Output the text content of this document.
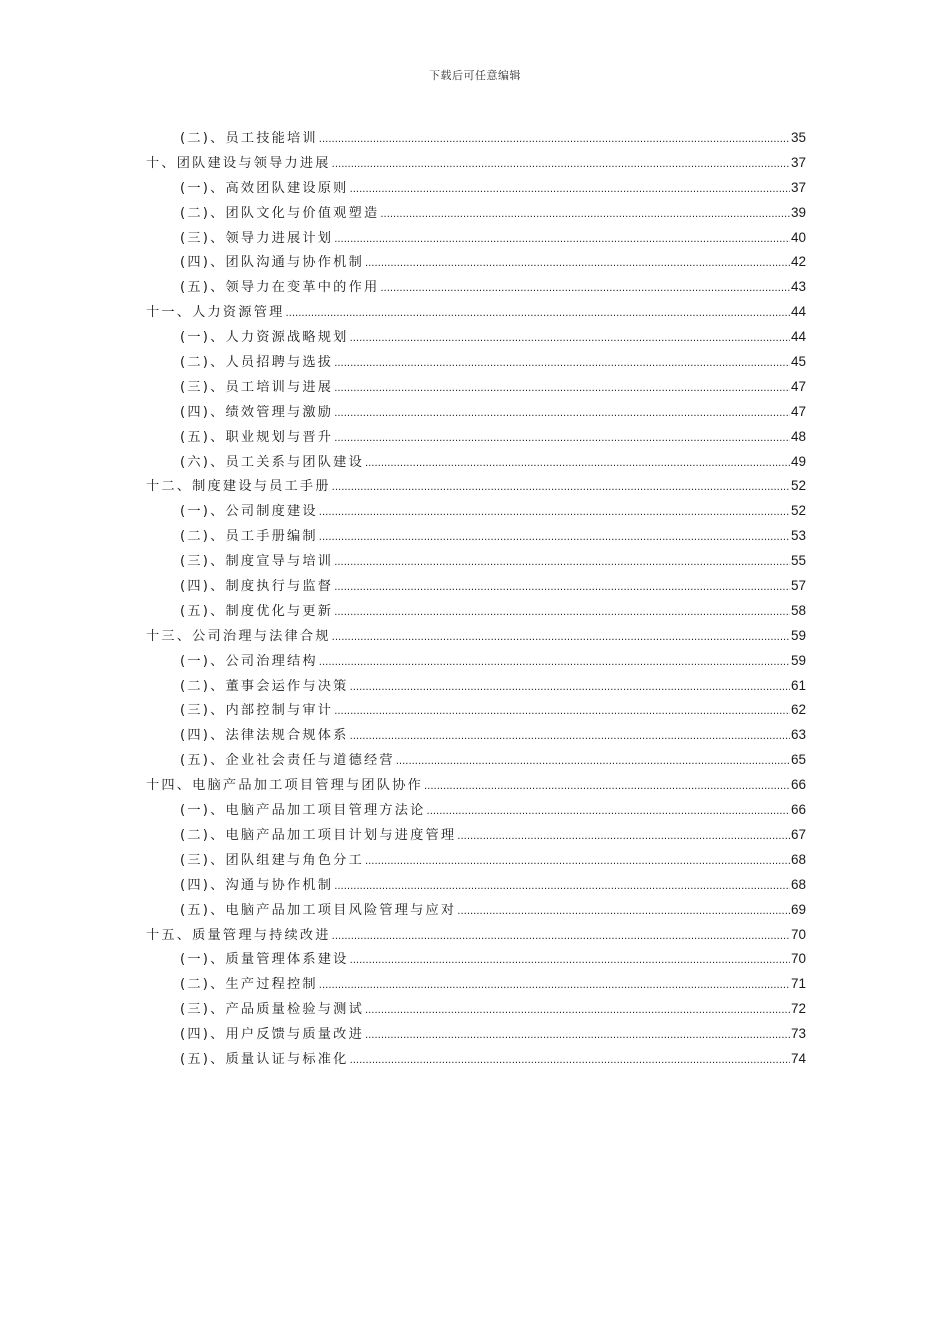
下载后可任意编辑
(二)、员工技能培训 .....	35
十、团队建设与领导力进展 .....	37
(一)、高效团队建设原则 .....	37
(二)、团队文化与价值观塑造 .....	39
(三)、领导力进展计划 .....	40
(四)、团队沟通与协作机制 .....	42
(五)、领导力在变革中的作用 .....	43
十一、人力资源管理 .....	44
(一)、人力资源战略规划 .....	44
(二)、人员招聘与选拔 .....	45
(三)、员工培训与进展 .....	47
(四)、绩效管理与激励 .....	47
(五)、职业规划与晋升 .....	48
(六)、员工关系与团队建设 .....	49
十二、制度建设与员工手册 .....	52
(一)、公司制度建设 .....	52
(二)、员工手册编制 .....	53
(三)、制度宣导与培训 .....	55
(四)、制度执行与监督 .....	57
(五)、制度优化与更新 .....	58
十三、公司治理与法律合规 .....	59
(一)、公司治理结构 .....	59
(二)、董事会运作与决策 .....	61
(三)、内部控制与审计 .....	62
(四)、法律法规合规体系 .....	63
(五)、企业社会责任与道德经营 .....	65
十四、电脑产品加工项目管理与团队协作 .....	66
(一)、电脑产品加工项目管理方法论 .....	66
(二)、电脑产品加工项目计划与进度管理 .....	67
(三)、团队组建与角色分工 .....	68
(四)、沟通与协作机制 .....	68
(五)、电脑产品加工项目风险管理与应对 .....	69
十五、质量管理与持续改进 .....	70
(一)、质量管理体系建设 .....	70
(二)、生产过程控制 .....	71
(三)、产品质量检验与测试 .....	72
(四)、用户反馈与质量改进 .....	73
(五)、质量认证与标准化 .....	74
